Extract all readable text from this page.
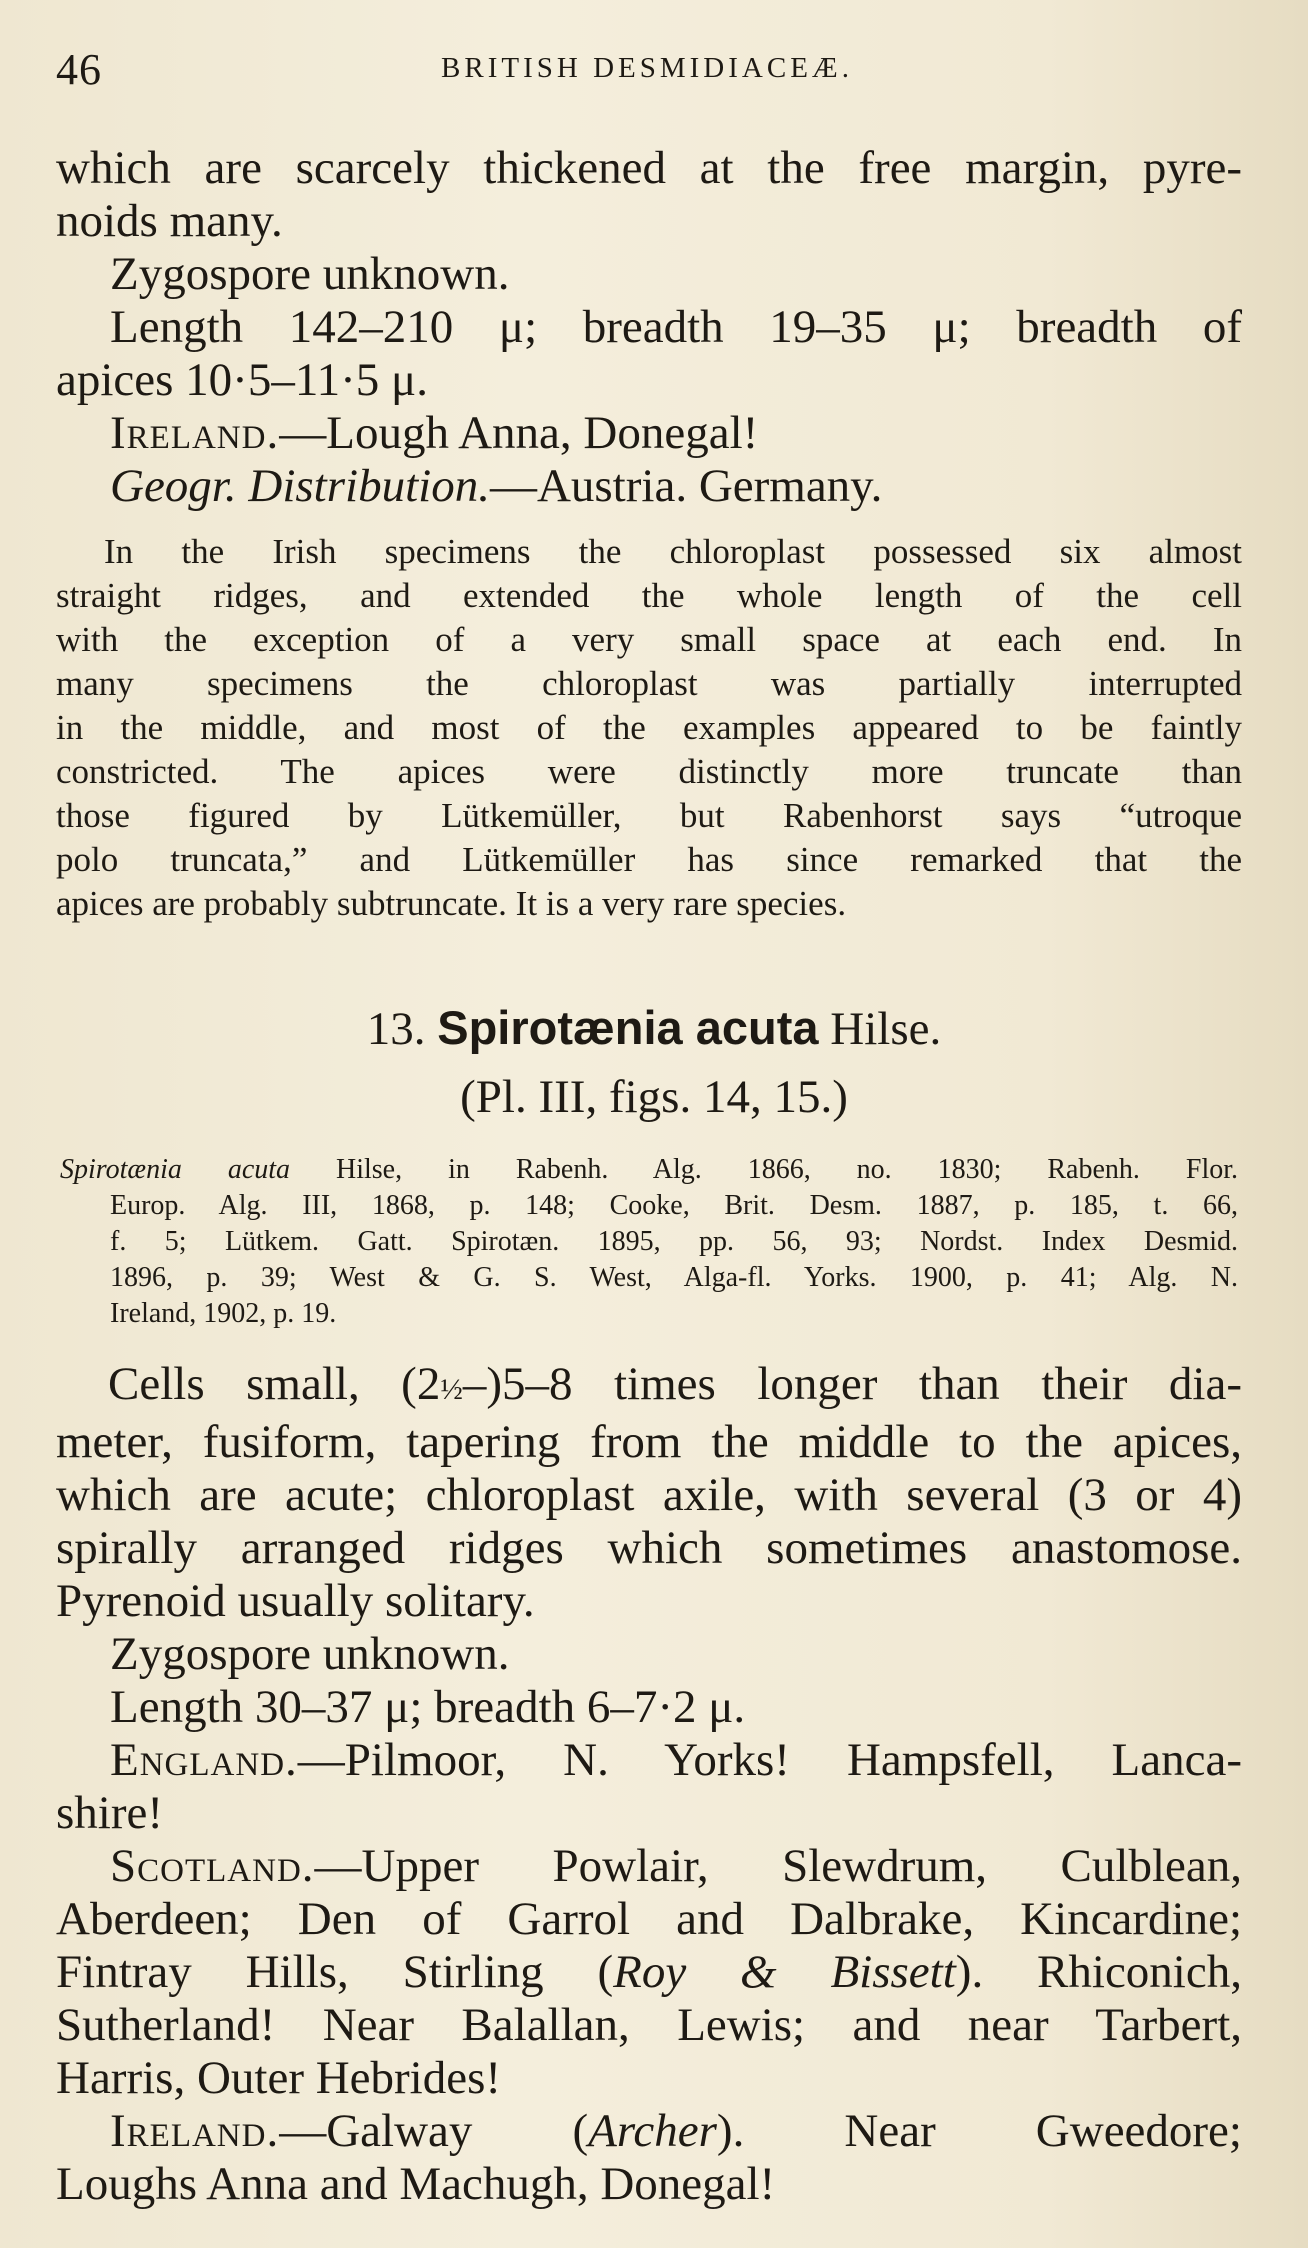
46	BRITISH DESMIDIACEÆ.
which are scarcely thickened at the free margin, pyre-
noids many.
Zygospore unknown.
Length 142–210 μ; breadth 19–35 μ; breadth of
apices 10·5–11·5 μ.
Ireland.—Lough Anna, Donegal!
Geogr. Distribution.—Austria. Germany.
In the Irish specimens the chloroplast possessed six almost
straight ridges, and extended the whole length of the cell
with the exception of a very small space at each end. In
many specimens the chloroplast was partially interrupted
in the middle, and most of the examples appeared to be faintly
constricted. The apices were distinctly more truncate than
those figured by Lütkemüller, but Rabenhorst says “utroque
polo truncata,” and Lütkemüller has since remarked that the
apices are probably subtruncate. It is a very rare species.
13. Spirotænia acuta Hilse.
(Pl. III, figs. 14, 15.)
Spirotænia acuta Hilse, in Rabenh. Alg. 1866, no. 1830; Rabenh. Flor.
Europ. Alg. III, 1868, p. 148; Cooke, Brit. Desm. 1887, p. 185, t. 66,
f. 5; Lütkem. Gatt. Spirotæn. 1895, pp. 56, 93; Nordst. Index Desmid.
1896, p. 39; West & G. S. West, Alga-fl. Yorks. 1900, p. 41; Alg. N.
Ireland, 1902, p. 19.
Cells small, (2½–)5–8 times longer than their dia-
meter, fusiform, tapering from the middle to the apices,
which are acute; chloroplast axile, with several (3 or 4)
spirally arranged ridges which sometimes anastomose.
Pyrenoid usually solitary.
Zygospore unknown.
Length 30–37 μ; breadth 6–7·2 μ.
England.—Pilmoor, N. Yorks! Hampsfell, Lanca-
shire!
Scotland.—Upper Powlair, Slewdrum, Culblean,
Aberdeen; Den of Garrol and Dalbrake, Kincardine;
Fintray Hills, Stirling (Roy & Bissett). Rhiconich,
Sutherland! Near Balallan, Lewis; and near Tarbert,
Harris, Outer Hebrides!
Ireland.—Galway (Archer). Near Gweedore;
Loughs Anna and Machugh, Donegal!
